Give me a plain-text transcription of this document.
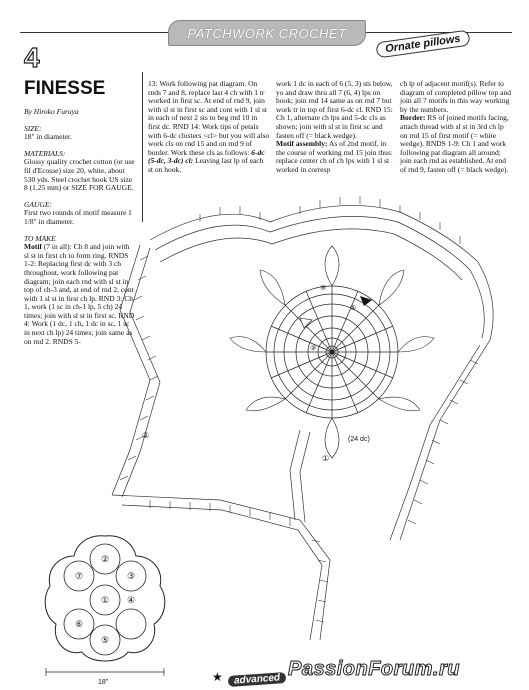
PATCHWORK CROCHET	Ornate pillows
4
FINESSE

By Hiroko Furuya

SIZE:

18" in diameter.

MATERIALS:

Glossy quality crochet cotton (or use fil d'Ecosse) size 20, white, about 530 yds. Steel crochet hook US size 8 (1.25 mm) or SIZE FOR GAUGE.

GAUGE:

First two rounds of motif measure 1 1/8" in diameter.

TO MAKE

Motif (7 in all): Ch 8 and join with sl st in first ch to form ring. RNDS 1-2: Replacing first dc with 3 ch throughout, work following pat diagram; join each rnd with sl st in top of ch-3 and, at end of rnd 2, cont with 1 sl st in first ch lp. RND 3: Ch 1, work (1 sc in ch-1 lp, 5 ch) 24 times; join with sl st in first sc. RND 4: Work (1 dc, 1 ch, 1 dc in sc, 1 sc in next ch lp) 24 times; join same as on rnd 2. RNDS 5-

13: Work following pat diagram. On rnds 7 and 8, replace last 4 ch with 1 tr worked in first sc. At end of rnd 9, join with sl st in first sc and cont with 1 sl st in each of next 2 sts to beg rnd 10 in first dc. RND 14: Work tips of petals with 6-dc clusters <cl> but you will also work cls on rnd 15 and on rnd 9 of border. Work these cls as follows: 6-dc (5-dc, 3-dc) cl: Leaving last lp of each st on hook,

work 1 dc in each of 6 (5, 3) sts below, yo and draw thru all 7 (6, 4) lps on hook; join rnd 14 same as on rnd 7 but work tr in top of first 6-dc cl. RND 15: Ch 1, alternate ch lps and 5-dc cls as shown; join with sl st in first sc and fasten off (= black wedge).

Motif assembly: As of 2nd motif, in the course of working rnd 15 join thus: replace center ch of ch lps with 1 sl st worked in corresp

ch lp of adjacent motif(s). Refer to diagram of completed pillow top and join all 7 motifs in this way working by the numbers.

Border: RS of joined motifs facing, attach thread with sl st in 3rd ch lp on rnd 15 of first motif (= white wedge). RNDS 1-9: Ch 1 and work following pat diagram all around; join each rnd as established. At end of rnd 9, fasten off (= black wedge).

(24 dc)
①
②
③
⑤
⑨
⑦
②
⑥
① ④
③
⑤
18"	★	advanced PassionForum.ru
